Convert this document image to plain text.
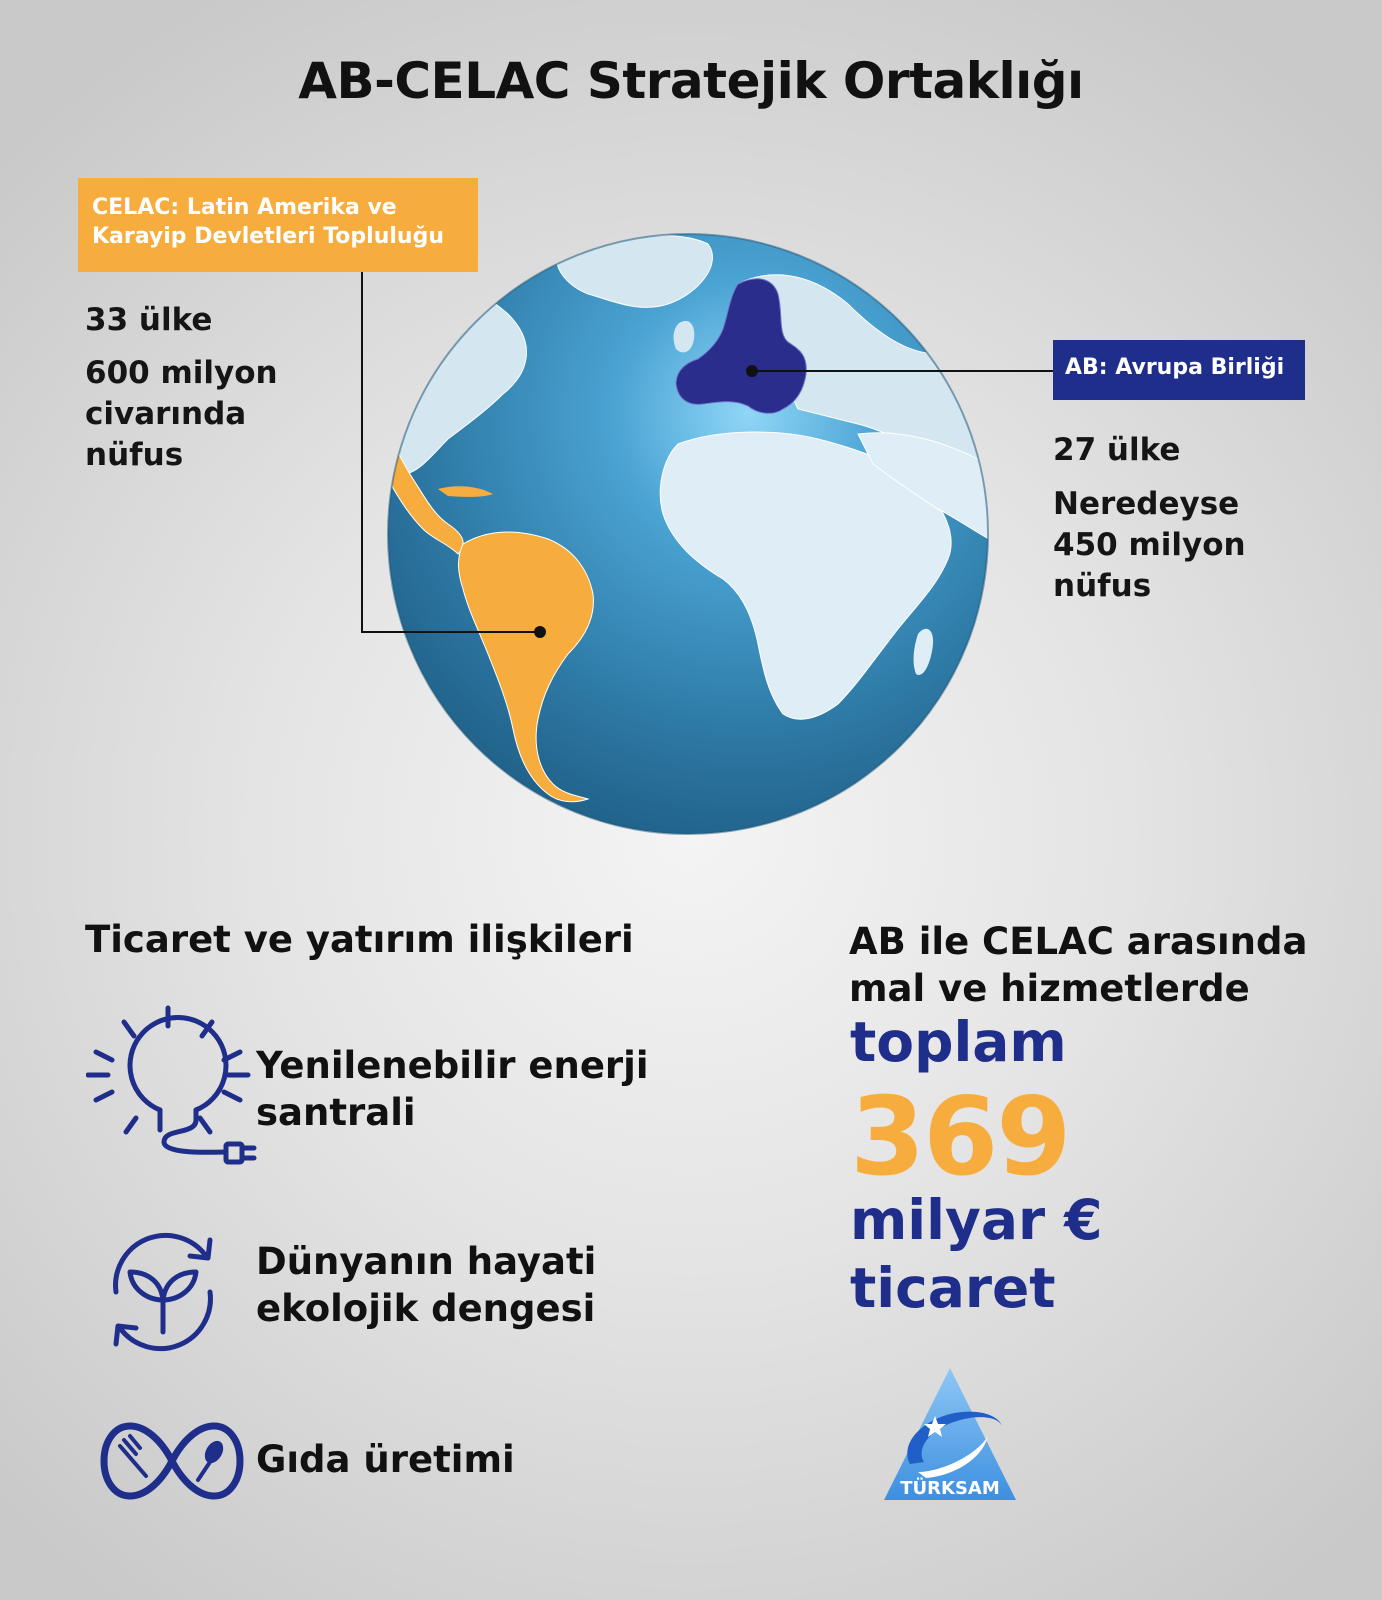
AB-CELAC Stratejik Ortaklığı
CELAC: Latin Amerika ve
Karayip Devletleri Topluluğu
33 ülke
600 milyon
civarında
nüfus
AB: Avrupa Birliği
27 ülke
Neredeyse
450 milyon
nüfus
Ticaret ve yatırım ilişkileri
Yenilenebilir enerji
santrali
Dünyanın hayati
ekolojik dengesi
Gıda üretimi
AB ile CELAC arasında
mal ve hizmetlerde
toplam
369
milyar €
ticaret
TÜRKSAM
